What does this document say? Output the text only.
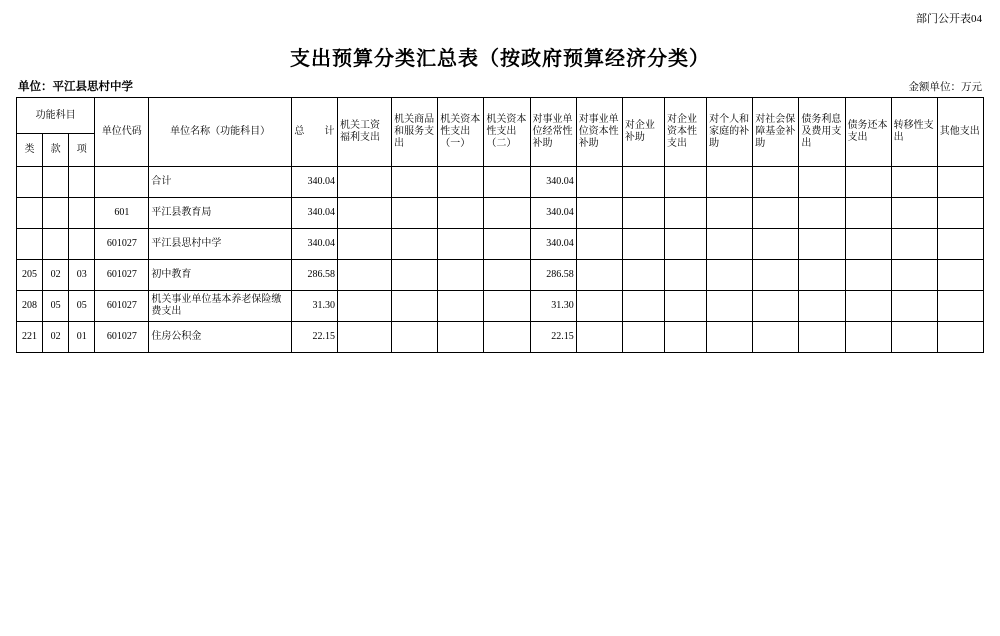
部门公开表04
支出预算分类汇总表（按政府预算经济分类）
单位：平江县思村中学	金额单位：万元
功能科目			单位代码	单位名称（功能科目）	总　　计	机关工资福利支出	机关商品和服务支出	机关资本性支出（一）	机关资本性支出（二）	对事业单位经常性补助	对事业单位资本性补助	对企业补助	对企业资本性支出	对个人和家庭的补助	对社会保障基金补助	债务利息及费用支出	债务还本支出	转移性支出	其他支出
类	款	项																	
				合计	340.04					340.04									
			601	平江县教育局	340.04					340.04									
			601027	平江县思村中学	340.04					340.04									
205	02	03	601027	初中教育	286.58					286.58									
208	05	05	601027	机关事业单位基本养老保险缴费支出	31.30					31.30									
221	02	01	601027	住房公积金	22.15					22.15									
